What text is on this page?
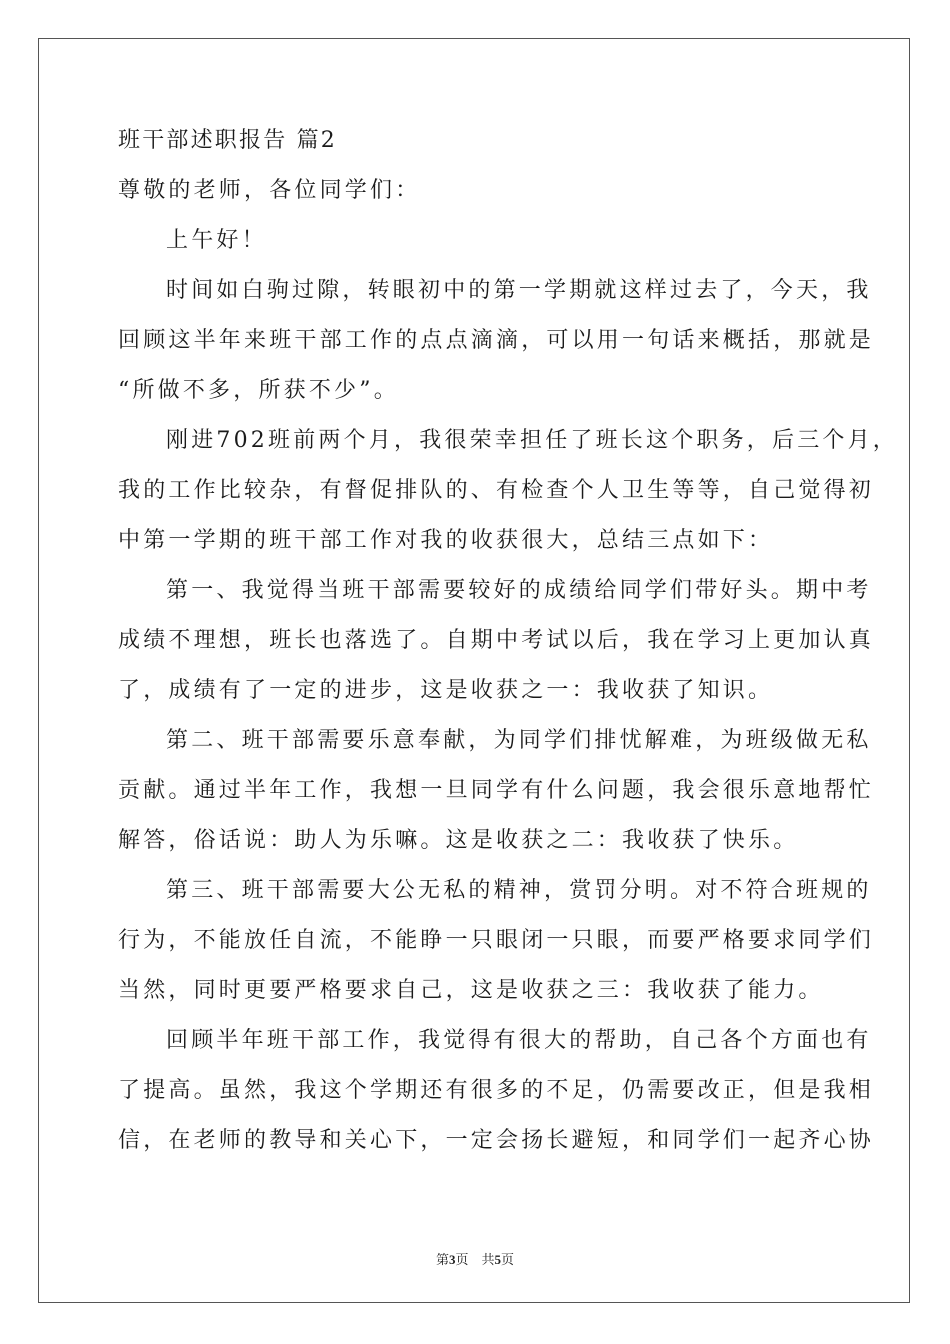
班干部述职报告 篇2
尊敬的老师，各位同学们：
上午好！
时间如白驹过隙，转眼初中的第一学期就这样过去了，今天，我
回顾这半年来班干部工作的点点滴滴，可以用一句话来概括，那就是
“所做不多，所获不少”。
刚进702班前两个月，我很荣幸担任了班长这个职务，后三个月，
我的工作比较杂，有督促排队的、有检查个人卫生等等，自己觉得初
中第一学期的班干部工作对我的收获很大，总结三点如下：
第一、我觉得当班干部需要较好的成绩给同学们带好头。期中考
成绩不理想，班长也落选了。自期中考试以后，我在学习上更加认真
了，成绩有了一定的进步，这是收获之一：我收获了知识。
第二、班干部需要乐意奉献，为同学们排忧解难，为班级做无私
贡献。通过半年工作，我想一旦同学有什么问题，我会很乐意地帮忙
解答，俗话说：助人为乐嘛。这是收获之二：我收获了快乐。
第三、班干部需要大公无私的精神，赏罚分明。对不符合班规的
行为，不能放任自流，不能睁一只眼闭一只眼，而要严格要求同学们
当然，同时更要严格要求自己，这是收获之三：我收获了能力。
回顾半年班干部工作，我觉得有很大的帮助，自己各个方面也有
了提高。虽然，我这个学期还有很多的不足，仍需要改正，但是我相
信，在老师的教导和关心下，一定会扬长避短，和同学们一起齐心协
第3页　共5页
